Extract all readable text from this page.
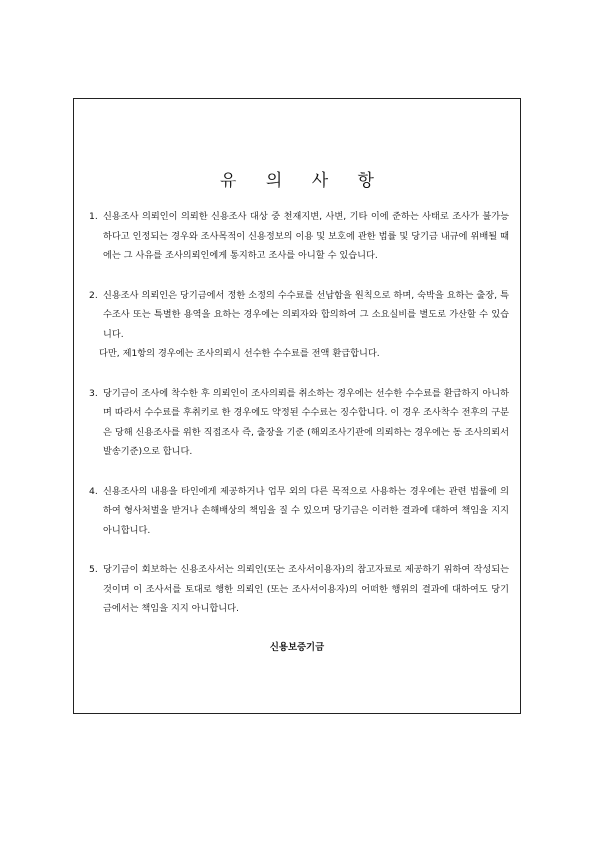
유 의 사 항
1. 신용조사 의뢰인이 의뢰한 신용조사 대상 중 천재지변, 사변, 기타 이에 준하는 사태로 조사가 불가능하다고 인정되는 경우와 조사목적이 신용정보의 이용 및 보호에 관한 법률 및 당기금 내규에 위배될 때에는 그 사유를 조사의뢰인에게 통지하고 조사를 아니할 수 있습니다.
2. 신용조사 의뢰인은 당기금에서 정한 소정의 수수료를 선납함을 원칙으로 하며, 숙박을 요하는 출장, 특수조사 또는 특별한 용역을 요하는 경우에는 의뢰자와 합의하여 그 소요실비를 별도로 가산할 수 있습니다.
다만, 제1항의 경우에는 조사의뢰시 선수한 수수료를 전액 환급합니다.
3. 당기금이 조사에 착수한 후 의뢰인이 조사의뢰를 취소하는 경우에는 선수한 수수료를 환급하지 아니하며 따라서 수수료를 후취키로 한 경우에도 약정된 수수료는 징수합니다. 이 경우 조사착수 전후의 구분은 당해 신용조사를 위한 직접조사 즉, 출장을 기준 (해외조사기관에 의뢰하는 경우에는 동 조사의뢰서 발송기준)으로 합니다.
4. 신용조사의 내용을 타인에게 제공하거나 업무 외의 다른 목적으로 사용하는 경우에는 관련 법률에 의하여 형사처벌을 받거나 손해배상의 책임을 질 수 있으며 당기금은 이러한 결과에 대하여 책임을 지지 아니합니다.
5. 당기금이 회보하는 신용조사서는 의뢰인(또는 조사서이용자)의 참고자료로 제공하기 위하여 작성되는 것이며 이 조사서를 토대로 행한 의뢰인 (또는 조사서이용자)의 어떠한 행위의 결과에 대하여도 당기금에서는 책임을 지지 아니합니다.
신용보증기금
